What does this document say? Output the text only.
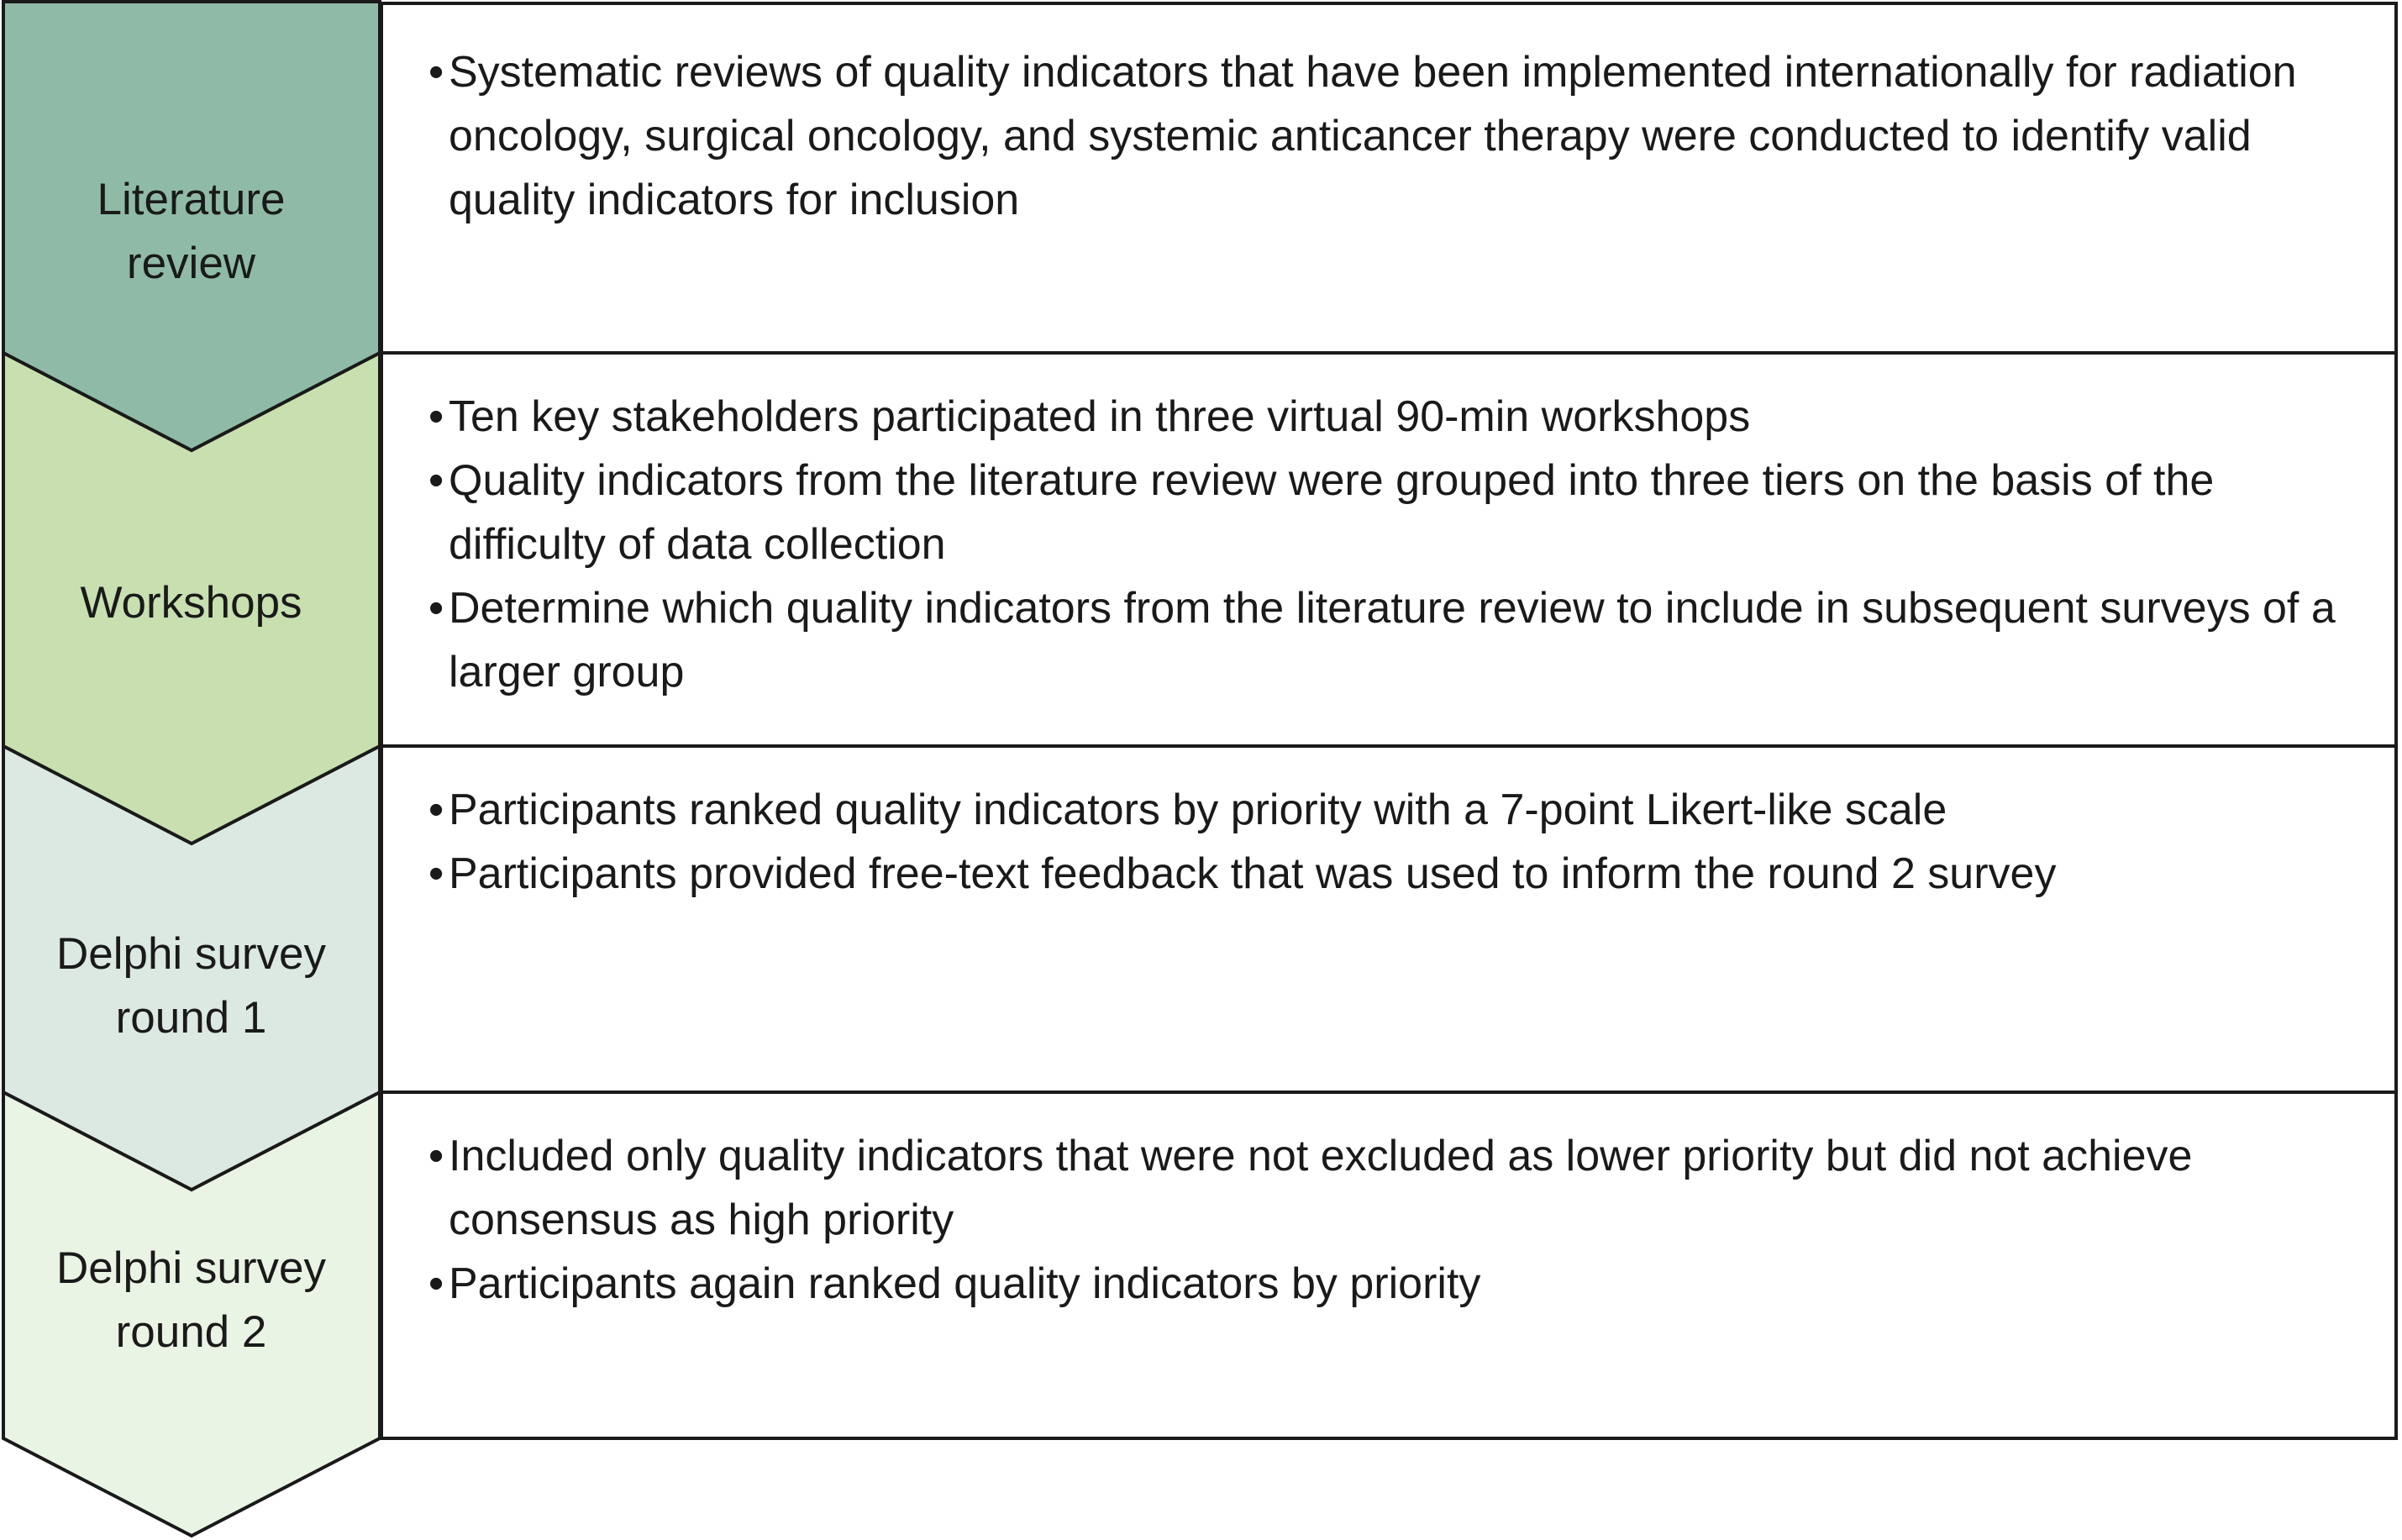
Literature
review
Workshops
Delphi survey
round 1
Delphi survey
round 2
• Systematic reviews of quality indicators that have been implemented internationally for radiation oncology, surgical oncology, and systemic anticancer therapy were conducted to identify valid quality indicators for inclusion
• Ten key stakeholders participated in three virtual 90-min workshops
• Quality indicators from the literature review were grouped into three tiers on the basis of the difficulty of data collection
• Determine which quality indicators from the literature review to include in subsequent surveys of a larger group
• Participants ranked quality indicators by priority with a 7-point Likert-like scale
• Participants provided free-text feedback that was used to inform the round 2 survey
• Included only quality indicators that were not excluded as lower priority but did not achieve consensus as high priority
• Participants again ranked quality indicators by priority
